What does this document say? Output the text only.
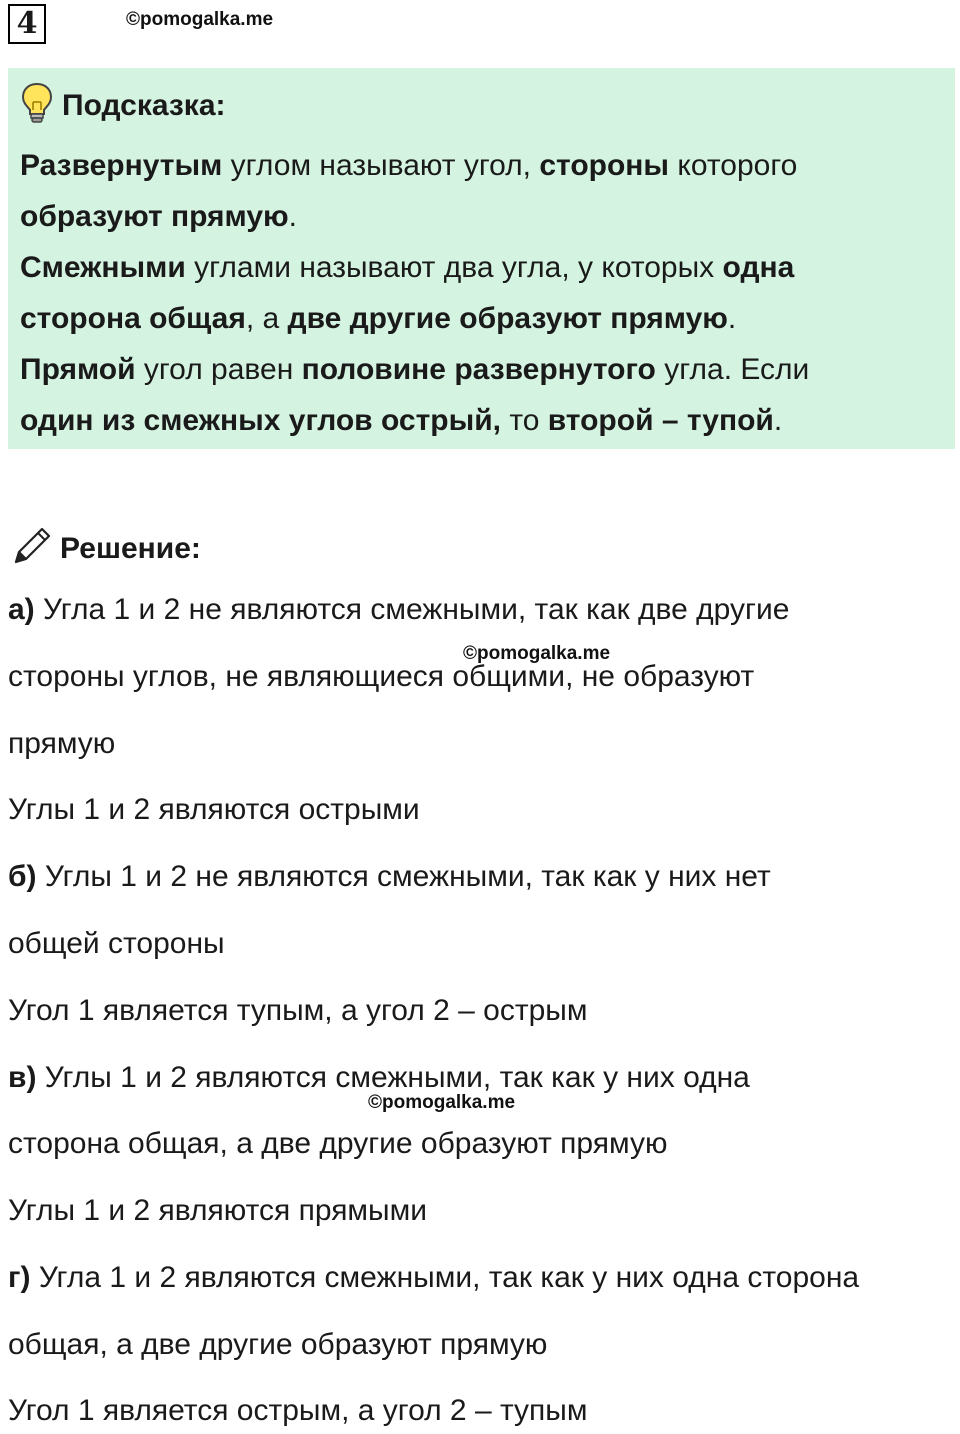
4	©pomogalka.me
Подсказка:
Развернутым углом называют угол, стороны которого
образуют прямую.
Смежными углами называют два угла, у которых одна
сторона общая, а две другие образуют прямую.
Прямой угол равен половине развернутого угла. Если
один из смежных углов острый, то второй – тупой.
Решение:
а) Угла 1 и 2 не являются смежными, так как две другие
стороны углов, не являющиеся общими, не образуют
прямую
Углы 1 и 2 являются острыми
б) Углы 1 и 2 не являются смежными, так как у них нет
общей стороны
Угол 1 является тупым, а угол 2 – острым
в) Углы 1 и 2 являются смежными, так как у них одна
сторона общая, а две другие образуют прямую
Углы 1 и 2 являются прямыми
г) Угла 1 и 2 являются смежными, так как у них одна сторона
общая, а две другие образуют прямую
Угол 1 является острым, а угол 2 – тупым
©pomogalka.me
©pomogalka.me
